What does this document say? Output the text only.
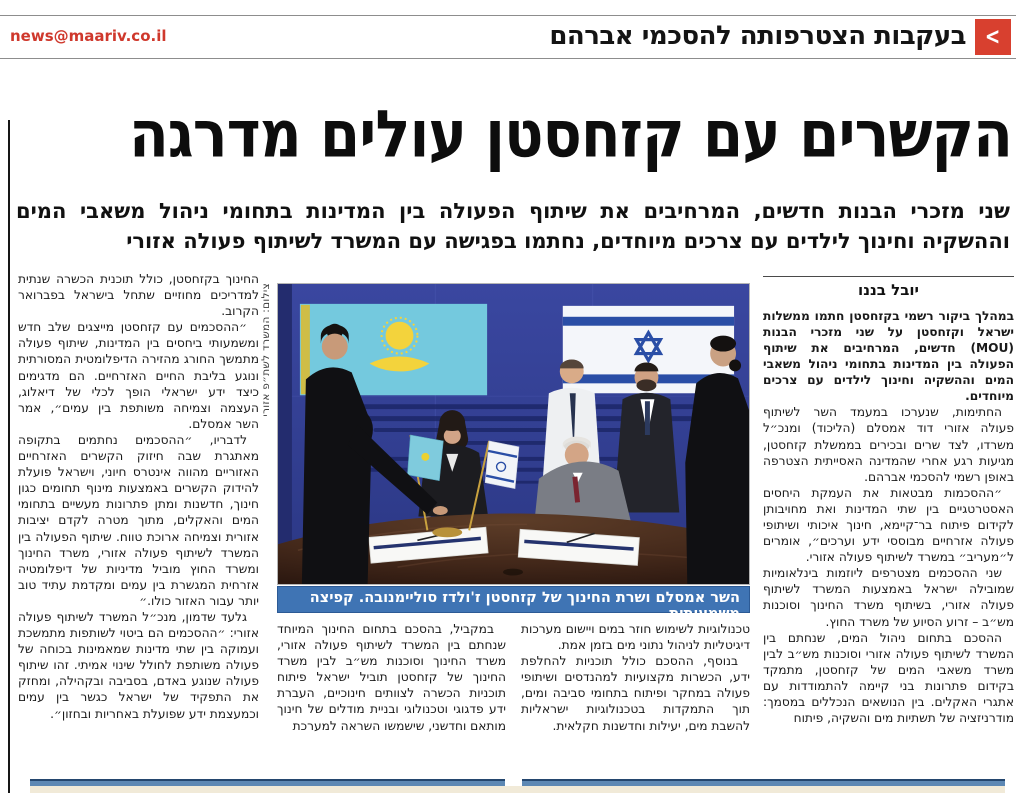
news@maariv.co.il	בעקבות הצטרפותה להסכמי אברהם <
הקשרים עם קזחסטן עולים מדרגה
שני מזכרי הבנות חדשים, המרחיבים את שיתוף הפעולה בין המדינות בתחומי ניהול משאבי המים וההשקיה וחינוך לילדים עם צרכים מיוחדים, נחתמו בפגישה עם המשרד לשיתוף פעולה אזורי
יובל בננו

במהלך ביקור רשמי בקזחסטן חתמו ממשלות ישראל וקזחסטן על שני מזכרי הבנות (MOU) חדשים, המרחיבים את שיתוף הפעולה בין המדינות בתחומי ניהול משאבי המים וההשקיה וחינוך לילדים עם צרכים מיוחדים.

החתימות, שנערכו במעמד השר לשיתוף פעולה אזורי דוד אמסלם (הליכוד) ומנכ״ל משרדו, לצד שרים ובכירים בממשלת קזחסטן, מגיעות רגע אחרי שהמדינה האסייתית הצטרפה באופן רשמי להסכמי אברהם.

״ההסכמות מבטאות את העמקת היחסים האסטרטגיים בין שתי המדינות ואת מחויבותן לקידום פיתוח בר־קיימא, חינוך איכותי ושיתופי פעולה אזרחיים מבוססי ידע וערכים״, אומרים ל״מעריב״ במשרד לשיתוף פעולה אזורי.

שני ההסכמים מצטרפים ליוזמות בינלאומיות שמובילה ישראל באמצעות המשרד לשיתוף פעולה אזורי, בשיתוף משרד החינוך וסוכנות מש״ב – זרוע הסיוע של משרד החוץ.

ההסכם בתחום ניהול המים, שנחתם בין המשרד לשיתוף פעולה אזורי וסוכנות מש״ב לבין משרד משאבי המים של קזחסטן, מתמקד בקידום פתרונות בני קיימה להתמודדות עם אתגרי האקלים. בין הנושאים הנכללים במסמך: מודרניזציה של תשתיות מים והשקיה, פיתוח

השר אמסלם ושרת החינוך של קזחסטן ז'ולדז סוליימנובה. קפיצה משמעותית
צילום: המשרד לשת״פ אזורי

טכנולוגיות לשימוש חוזר במים ויישום מערכות דיגיטליות לניהול נתוני מים בזמן אמת.

בנוסף, ההסכם כולל תוכניות להחלפת ידע, הכשרות מקצועיות למהנדסים ושיתופי פעולה במחקר ופיתוח בתחומי סביבה ומים, תוך התמקדות בטכנולוגיות ישראליות להשבת מים, יעילות וחדשנות חקלאית.

במקביל, בהסכם בתחום החינוך המיוחד שנחתם בין המשרד לשיתוף פעולה אזורי, משרד החינוך וסוכנות מש״ב לבין משרד החינוך של קזחסטן תוביל ישראל פיתוח תוכניות הכשרה לצוותים חינוכיים, העברת ידע פדגוגי וטכנולוגי ובניית מודלים של חינוך מותאם וחדשני, שישמשו השראה למערכת

החינוך בקזחסטן, כולל תוכנית הכשרה שנתית למדריכים מחוזיים שתחל בישראל בפברואר הקרוב.

״ההסכמים עם קזחסטן מייצגים שלב חדש ומשמעותי ביחסים בין המדינות, שיתוף פעולה מתמשך החורג מהזירה הדיפלומטית המסורתית ונוגע בליבת החיים האזרחיים. הם מדגימים כיצד ידע ישראלי הופך לכלי של דיאלוג, העצמה וצמיחה משותפת בין עמים״, אמר השר אמסלם.

לדבריו, ״ההסכמים נחתמים בתקופה מאתגרת שבה חיזוק הקשרים האזרחיים האזוריים מהווה אינטרס חיוני, וישראל פועלת להידוק הקשרים באמצעות מינוף תחומים כגון חינוך, חדשנות ומתן פתרונות מעשיים בתחומי המים והאקלים, מתוך מטרה לקדם יציבות אזורית וצמיחה ארוכת טווח. שיתוף הפעולה בין המשרד לשיתוף פעולה אזורי, משרד החינוך ומשרד החוץ מוביל מדיניות של דיפלומטיה אזרחית המגשרת בין עמים ומקדמת עתיד טוב יותר עבור האזור כולו.״

גלעד שדמון, מנכ״ל המשרד לשיתוף פעולה אזורי: ״ההסכמים הם ביטוי לשותפות מתמשכת ועמוקה בין שתי מדינות שמאמינות בכוחה של פעולה משותפת לחולל שינוי אמיתי. זהו שיתוף פעולה שנוגע באדם, בסביבה ובקהילה, ומחזק את התפקיד של ישראל כגשר בין עמים וכמעצמת ידע שפועלת באחריות ובחזון״.
